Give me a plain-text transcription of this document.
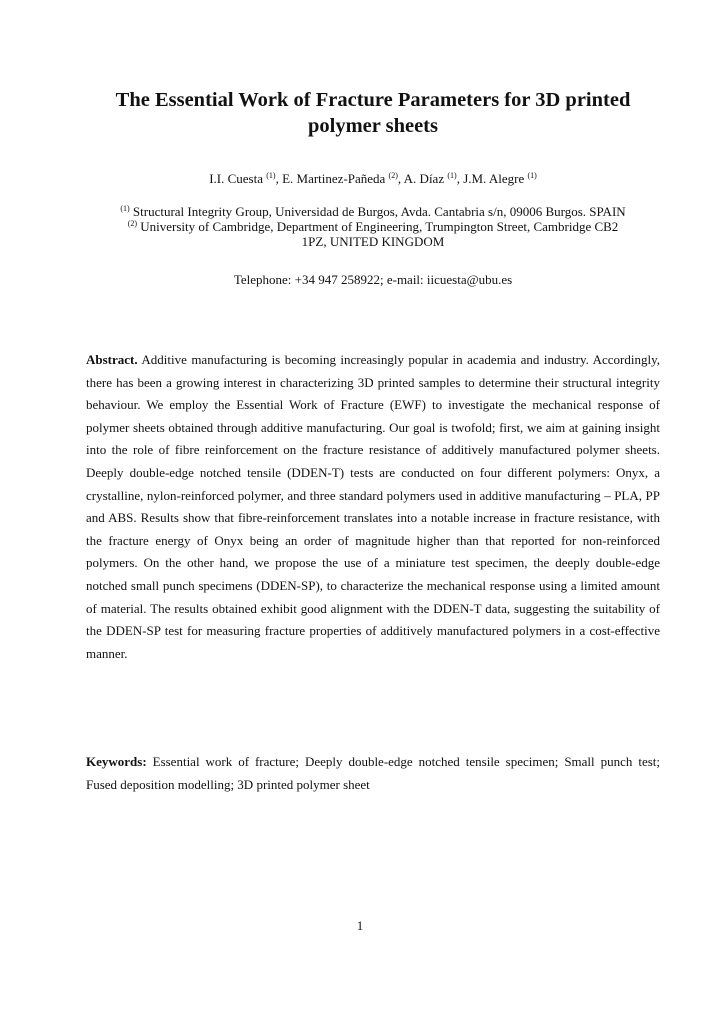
The Essential Work of Fracture Parameters for 3D printed polymer sheets
I.I. Cuesta $^{(1)}$, E. Martinez-Pañeda $^{(2)}$, A. Díaz $^{(1)}$, J.M. Alegre $^{(1)}$
$^{(1)}$ Structural Integrity Group, Universidad de Burgos, Avda. Cantabria s/n, 09006 Burgos. SPAIN
$^{(2)}$ University of Cambridge, Department of Engineering, Trumpington Street, Cambridge CB2
1PZ, UNITED KINGDOM
Telephone: +34 947 258922; e-mail: iicuesta@ubu.es

Abstract. Additive manufacturing is becoming increasingly popular in academia and industry. Accordingly, there has been a growing interest in characterizing 3D printed samples to determine their structural integrity behaviour. We employ the Essential Work of Fracture (EWF) to investigate the mechanical response of polymer sheets obtained through additive manufacturing. Our goal is twofold; first, we aim at gaining insight into the role of fibre reinforcement on the fracture resistance of additively manufactured polymer sheets. Deeply double-edge notched tensile (DDEN-T) tests are conducted on four different polymers: Onyx, a crystalline, nylon-reinforced polymer, and three standard polymers used in additive manufacturing – PLA, PP and ABS. Results show that fibre-reinforcement translates into a notable increase in fracture resistance, with the fracture energy of Onyx being an order of magnitude higher than that reported for non-reinforced polymers. On the other hand, we propose the use of a miniature test specimen, the deeply double-edge notched small punch specimens (DDEN-SP), to characterize the mechanical response using a limited amount of material. The results obtained exhibit good alignment with the DDEN-T data, suggesting the suitability of the DDEN-SP test for measuring fracture properties of additively manufactured polymers in a cost-effective manner.

Keywords: Essential work of fracture; Deeply double-edge notched tensile specimen; Small punch test; Fused deposition modelling; 3D printed polymer sheet

1
